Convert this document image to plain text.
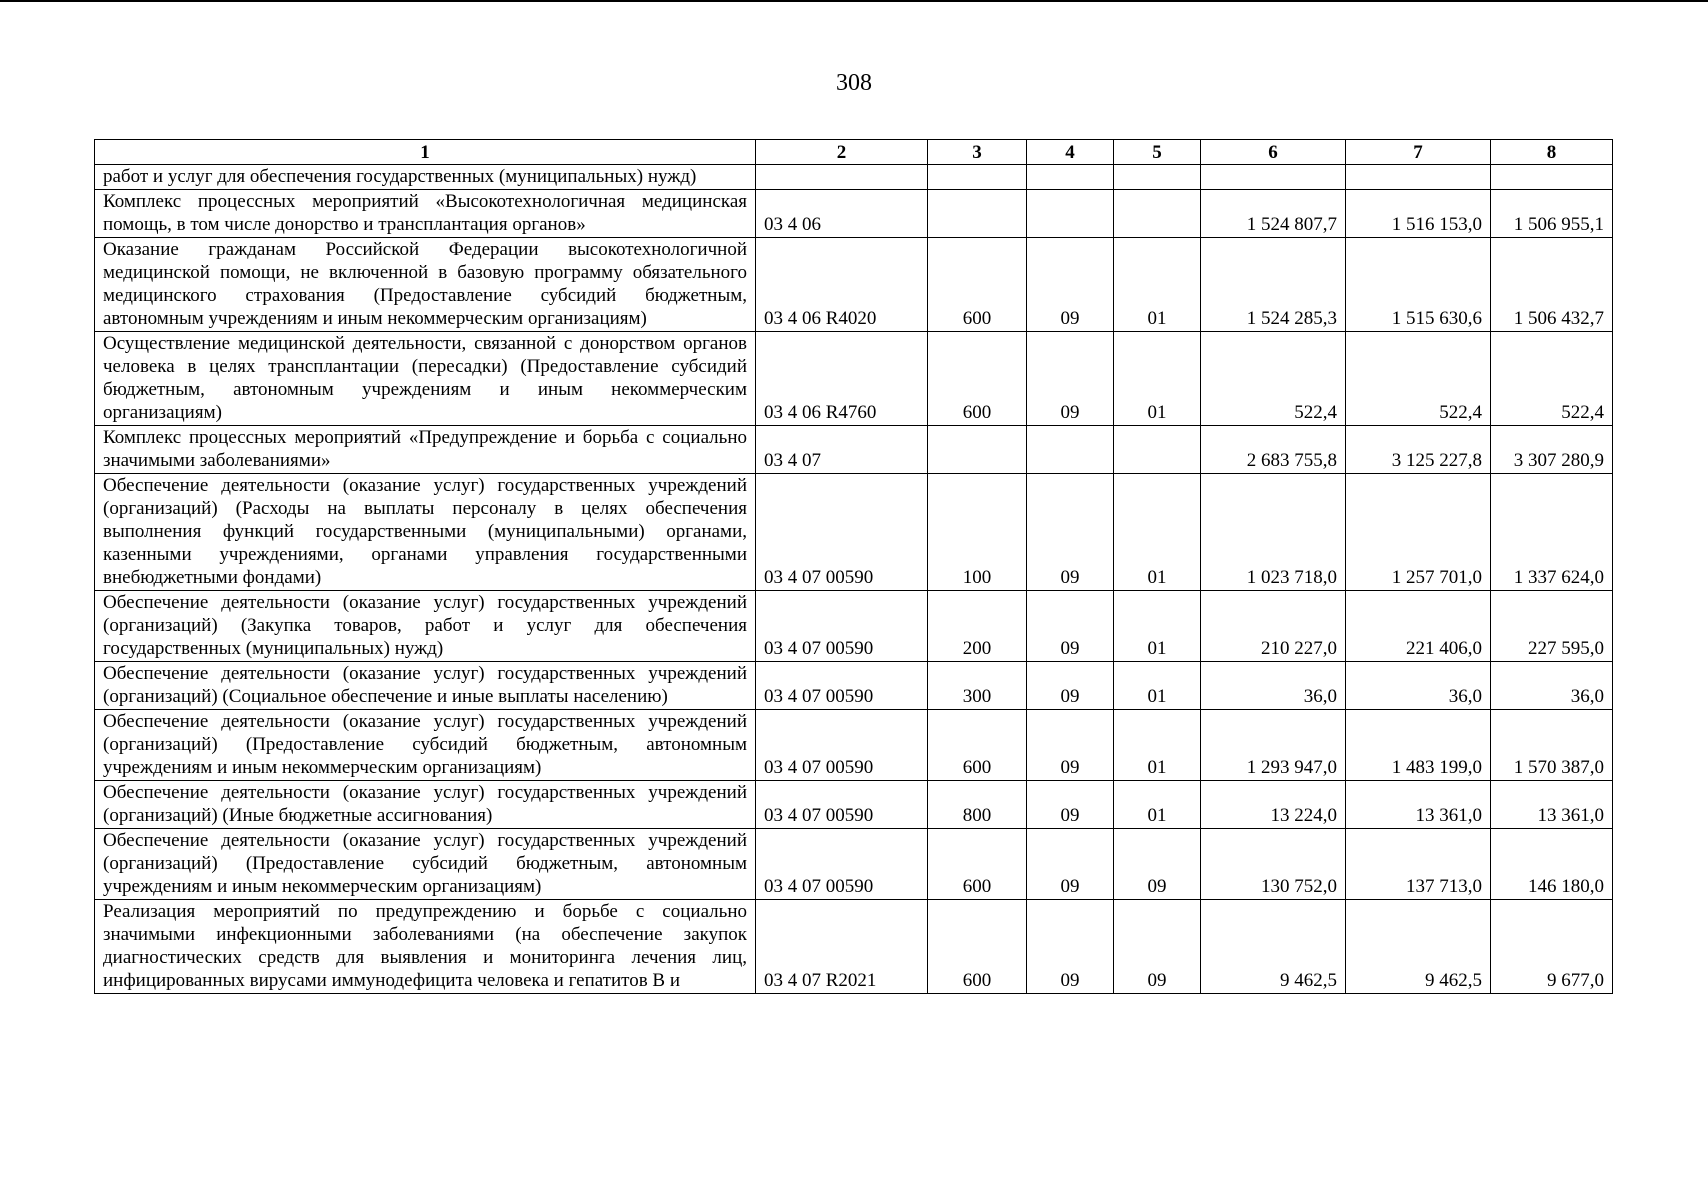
308
1	2	3	4	5	6	7	8
работ и услуг для обеспечения государственных (муниципальных) нужд)							
Комплекс процессных мероприятий «Высокотехнологичная медицинская помощь, в том числе донорство и трансплантация органов»	03 4 06				1 524 807,7	1 516 153,0	1 506 955,1
Оказание гражданам Российской Федерации высокотехнологичной медицинской помощи, не включенной в базовую программу обязательного медицинского страхования (Предоставление субсидий бюджетным, автономным учреждениям и иным некоммерческим организациям)	03 4 06 R4020	600	09	01	1 524 285,3	1 515 630,6	1 506 432,7
Осуществление медицинской деятельности, связанной с донорством органов человека в целях трансплантации (пересадки) (Предоставление субсидий бюджетным, автономным учреждениям и иным некоммерческим организациям)	03 4 06 R4760	600	09	01	522,4	522,4	522,4
Комплекс процессных мероприятий «Предупреждение и борьба с социально значимыми заболеваниями»	03 4 07				2 683 755,8	3 125 227,8	3 307 280,9
Обеспечение деятельности (оказание услуг) государственных учреждений (организаций) (Расходы на выплаты персоналу в целях обеспечения выполнения функций государственными (муниципальными) органами, казенными учреждениями, органами управления государственными внебюджетными фондами)	03 4 07 00590	100	09	01	1 023 718,0	1 257 701,0	1 337 624,0
Обеспечение деятельности (оказание услуг) государственных учреждений (организаций) (Закупка товаров, работ и услуг для обеспечения государственных (муниципальных) нужд)	03 4 07 00590	200	09	01	210 227,0	221 406,0	227 595,0
Обеспечение деятельности (оказание услуг) государственных учреждений (организаций) (Социальное обеспечение и иные выплаты населению)	03 4 07 00590	300	09	01	36,0	36,0	36,0
Обеспечение деятельности (оказание услуг) государственных учреждений (организаций) (Предоставление субсидий бюджетным, автономным учреждениям и иным некоммерческим организациям)	03 4 07 00590	600	09	01	1 293 947,0	1 483 199,0	1 570 387,0
Обеспечение деятельности (оказание услуг) государственных учреждений (организаций) (Иные бюджетные ассигнования)	03 4 07 00590	800	09	01	13 224,0	13 361,0	13 361,0
Обеспечение деятельности (оказание услуг) государственных учреждений (организаций) (Предоставление субсидий бюджетным, автономным учреждениям и иным некоммерческим организациям)	03 4 07 00590	600	09	09	130 752,0	137 713,0	146 180,0
Реализация мероприятий по предупреждению и борьбе с социально значимыми инфекционными заболеваниями (на обеспечение закупок диагностических средств для выявления и мониторинга лечения лиц, инфицированных вирусами иммунодефицита человека и гепатитов В и	03 4 07 R2021	600	09	09	9 462,5	9 462,5	9 677,0
